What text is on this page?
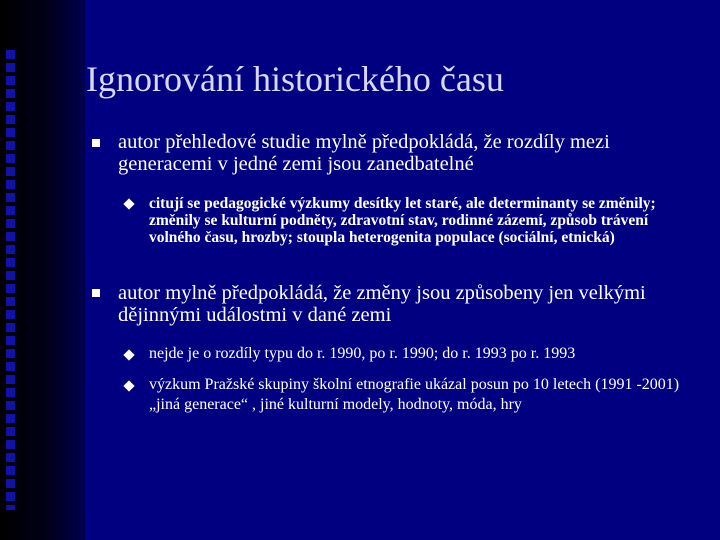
Ignorování historického času
autor přehledové studie mylně předpokládá, že rozdíly mezi generacemi v jedné zemi jsou zanedbatelné
citují se pedagogické výzkumy desítky let staré, ale determinanty se změnily; změnily se kulturní podněty, zdravotní stav, rodinné zázemí, způsob trávení volného času, hrozby; stoupla heterogenita populace (sociální, etnická)
autor mylně předpokládá, že změny jsou způsobeny jen velkými dějinnými událostmi v dané zemi
nejde je o rozdíly typu do r. 1990, po r. 1990; do r. 1993 po r. 1993
výzkum Pražské skupiny školní etnografie ukázal posun po 10 letech (1991 -2001) „jiná generace“ , jiné kulturní modely, hodnoty, móda, hry
